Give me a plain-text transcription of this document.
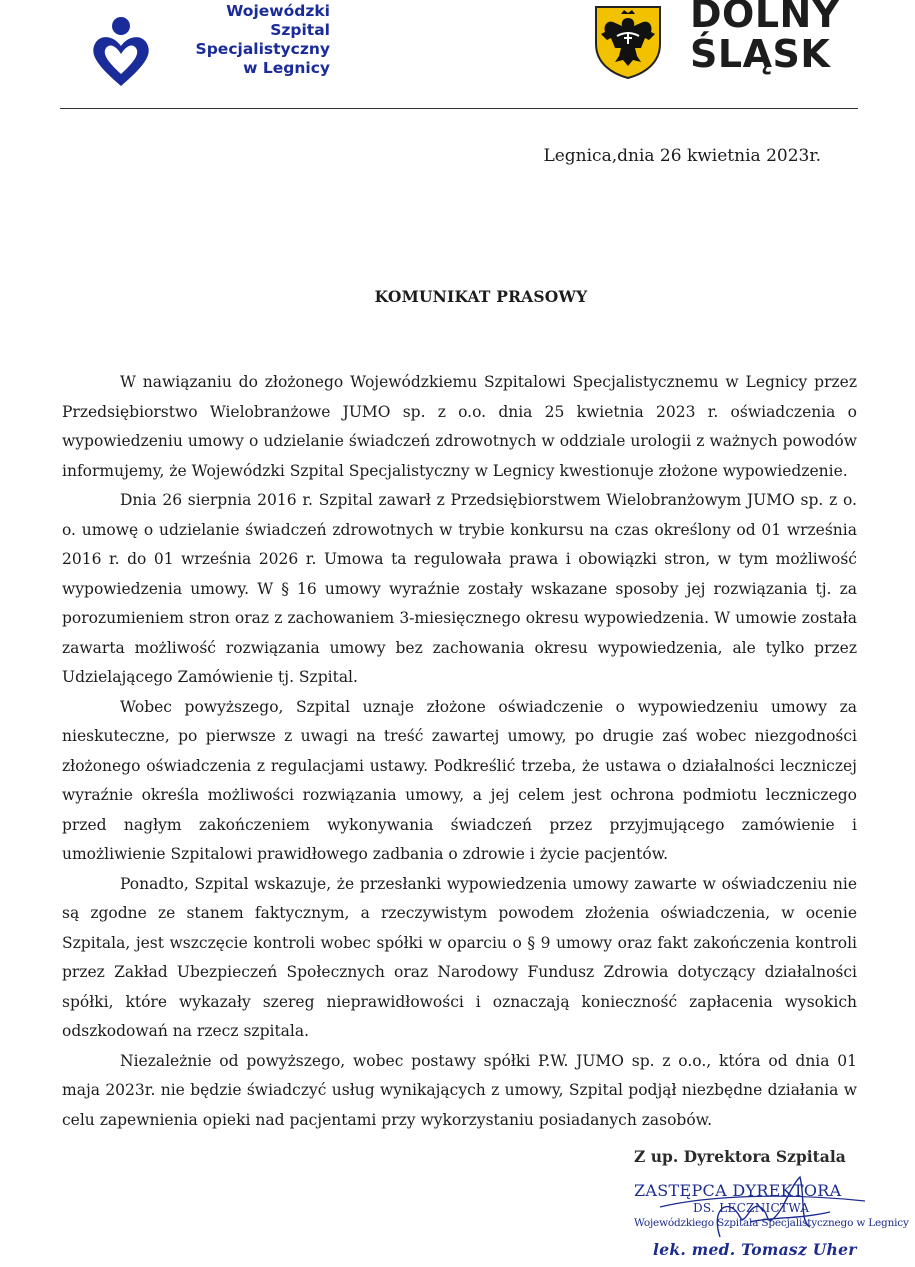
Wojewódzki
Szpital
Specjalistyczny
w Legnicy
DOLNY
ŚLĄSK
Legnica,dnia 26 kwietnia 2023r.
KOMUNIKAT PRASOWY

W nawiązaniu do złożonego Wojewódzkiemu Szpitalowi Specjalistycznemu w Legnicy przez Przedsiębiorstwo Wielobranżowe JUMO sp. z o.o. dnia 25 kwietnia 2023 r. oświadczenia o wypowiedzeniu umowy o udzielanie świadczeń zdrowotnych w oddziale urologii z ważnych powodów informujemy, że Wojewódzki Szpital Specjalistyczny w Legnicy kwestionuje złożone wypowiedzenie.

Dnia 26 sierpnia 2016 r. Szpital zawarł z Przedsiębiorstwem Wielobranżowym JUMO sp. z o. o. umowę o udzielanie świadczeń zdrowotnych w trybie konkursu na czas określony od 01 września 2016 r. do 01 września 2026 r. Umowa ta regulowała prawa i obowiązki stron, w tym możliwość wypowiedzenia umowy. W § 16 umowy wyraźnie zostały wskazane sposoby jej rozwiązania tj. za porozumieniem stron oraz z zachowaniem 3-miesięcznego okresu wypowiedzenia. W umowie została zawarta możliwość rozwiązania umowy bez zachowania okresu wypowiedzenia, ale tylko przez Udzielającego Zamówienie tj. Szpital.

Wobec powyższego, Szpital uznaje złożone oświadczenie o wypowiedzeniu umowy za nieskuteczne, po pierwsze z uwagi na treść zawartej umowy, po drugie zaś wobec niezgodności złożonego oświadczenia z regulacjami ustawy. Podkreślić trzeba, że ustawa o działalności leczniczej wyraźnie określa możliwości rozwiązania umowy, a jej celem jest ochrona podmiotu leczniczego przed nagłym zakończeniem wykonywania świadczeń przez przyjmującego zamówienie i umożliwienie Szpitalowi prawidłowego zadbania o zdrowie i życie pacjentów.

Ponadto, Szpital wskazuje, że przesłanki wypowiedzenia umowy zawarte w oświadczeniu nie są zgodne ze stanem faktycznym, a rzeczywistym powodem złożenia oświadczenia, w ocenie Szpitala, jest wszczęcie kontroli wobec spółki w oparciu o § 9 umowy oraz fakt zakończenia kontroli przez Zakład Ubezpieczeń Społecznych oraz Narodowy Fundusz Zdrowia dotyczący działalności spółki, które wykazały szereg nieprawidłowości i oznaczają konieczność zapłacenia wysokich odszkodowań na rzecz szpitala.

Niezależnie od powyższego, wobec postawy spółki P.W. JUMO sp. z o.o., która od dnia 01 maja 2023r. nie będzie świadczyć usług wynikających z umowy, Szpital podjął niezbędne działania w celu zapewnienia opieki nad pacjentami przy wykorzystaniu posiadanych zasobów.

Z up. Dyrektora Szpitala
ZASTĘPCA DYREKTORA
DS. LECZNICTWA
Wojewódzkiego Szpitala Specjalistycznego w Legnicy
lek. med. Tomasz Uher
